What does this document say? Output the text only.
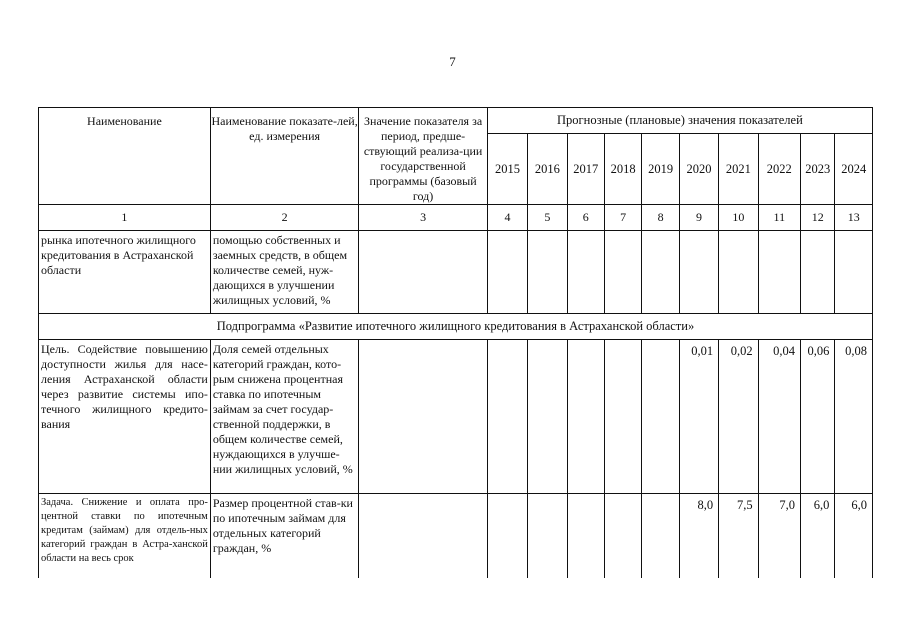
7
Наименование	Наименование показате-лей, ед. измерения	Значение показателя за период, предше-ствующий реализа-ции государственной программы (базовый год)	Прогнозные (плановые) значения показателей									
			2015	2016	2017	2018	2019	2020	2021	2022	2023	2024
1	2	3	4	5	6	7	8	9	10	11	12	13
рынка ипотечного жилищного кредитования в Астраханской области	помощью собственных и заемных средств, в общем количестве семей, нуж-дающихся в улучшении жилищных условий, %											
Подпрограмма «Развитие ипотечного жилищного кредитования в Астраханской области»												
Цель. Содействие повышению доступности жилья для насе-ления Астраханской области через развитие системы ипо-течного жилищного кредито-вания	Доля семей отдельных категорий граждан, кото-рым снижена процентная ставка по ипотечным займам за счет государ-ственной поддержки, в общем количестве семей, нуждающихся в улучше-нии жилищных условий, %							0,01	0,02	0,04	0,06	0,08
Задача. Снижение и оплата про-центной ставки по ипотечным кредитам (займам) для отдель-ных категорий граждан в Астра-ханской области на весь срок	Размер процентной став-ки по ипотечным займам для отдельных категорий граждан, %							8,0	7,5	7,0	6,0	6,0
